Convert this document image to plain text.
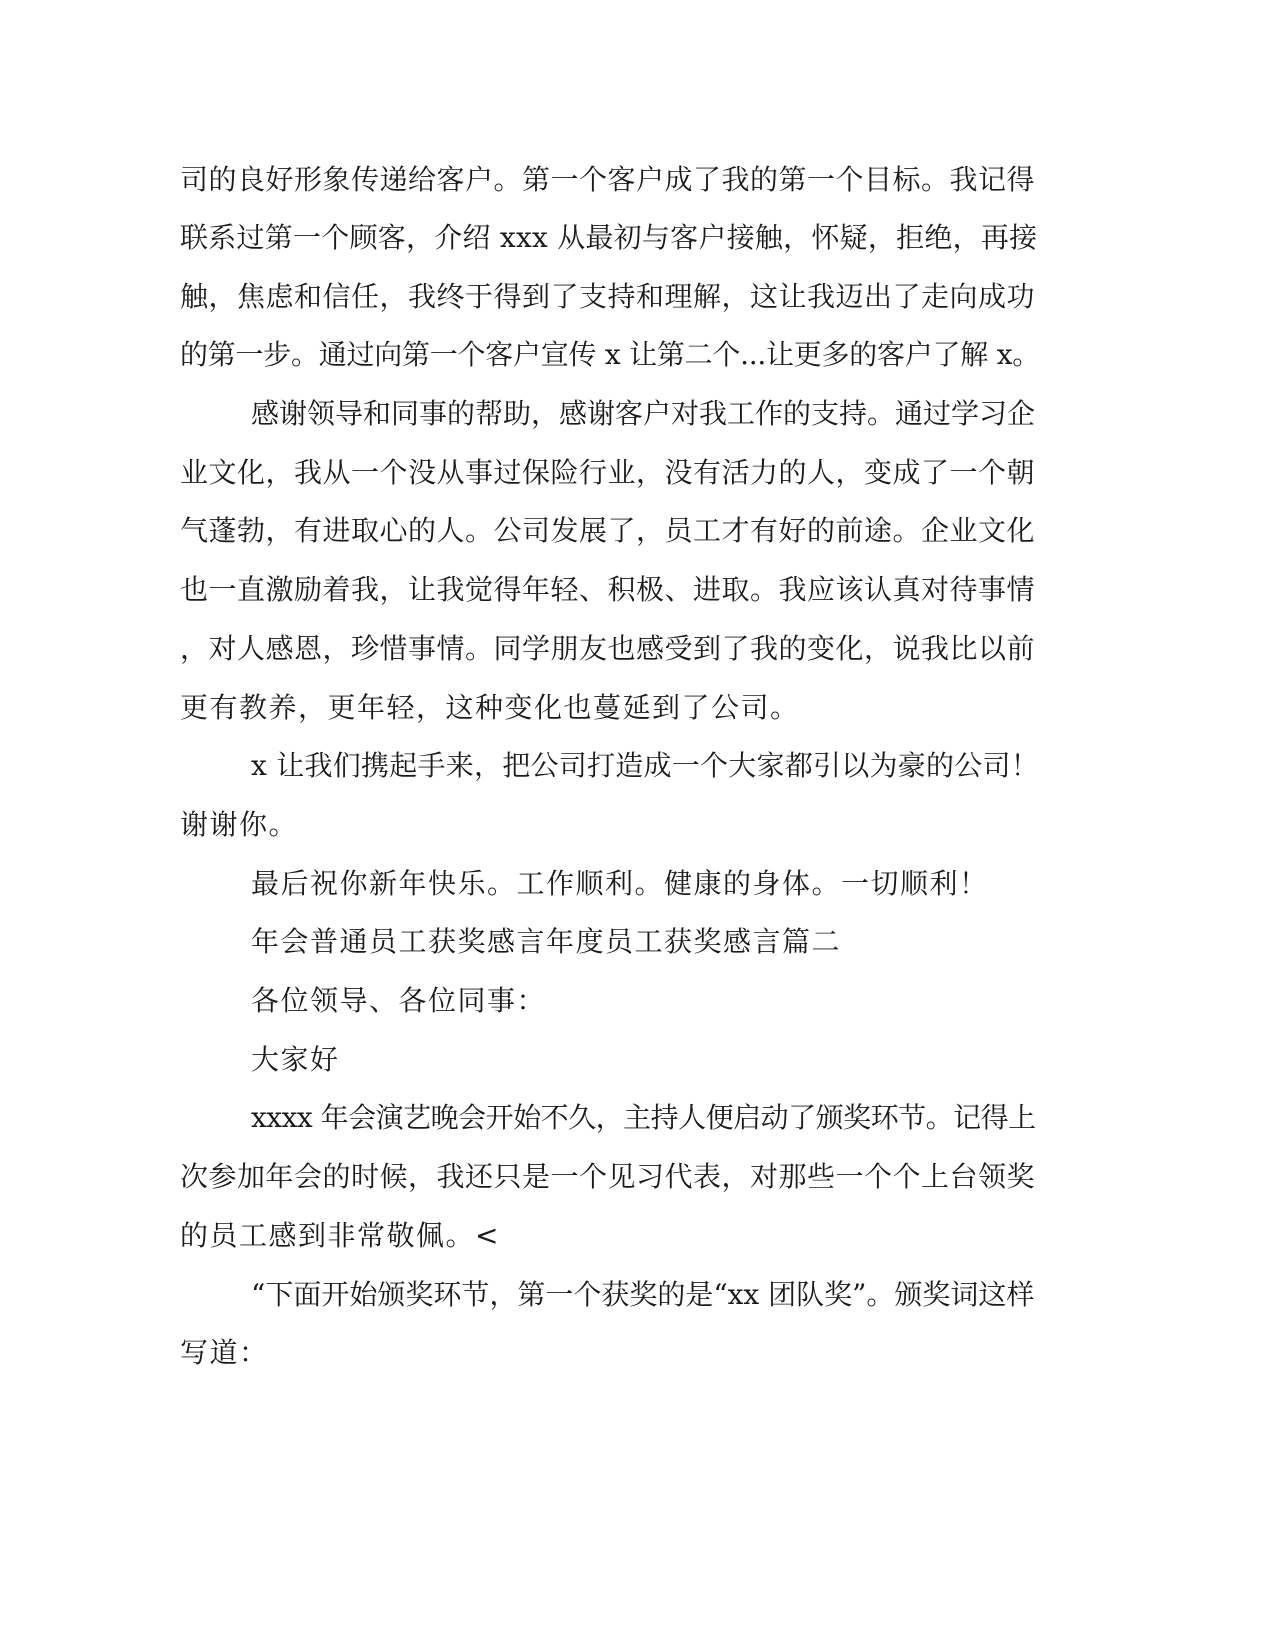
司的良好形象传递给客户。第一个客户成了我的第一个目标。我记得
联系过第一个顾客，介绍 xxx 从最初与客户接触，怀疑，拒绝，再接
触，焦虑和信任，我终于得到了支持和理解，这让我迈出了走向成功
的第一步。通过向第一个客户宣传 x 让第二个...让更多的客户了解 x。
感谢领导和同事的帮助，感谢客户对我工作的支持。通过学习企
业文化，我从一个没从事过保险行业，没有活力的人，变成了一个朝
气蓬勃，有进取心的人。公司发展了，员工才有好的前途。企业文化
也一直激励着我，让我觉得年轻、积极、进取。我应该认真对待事情
，对人感恩，珍惜事情。同学朋友也感受到了我的变化，说我比以前
更有教养，更年轻，这种变化也蔓延到了公司。
x 让我们携起手来，把公司打造成一个大家都引以为豪的公司！
谢谢你。
最后祝你新年快乐。工作顺利。健康的身体。一切顺利！
年会普通员工获奖感言年度员工获奖感言篇二
各位领导、各位同事：
大家好
xxxx 年会演艺晚会开始不久，主持人便启动了颁奖环节。记得上
次参加年会的时候，我还只是一个见习代表，对那些一个个上台领奖
的员工感到非常敬佩。<
“下面开始颁奖环节，第一个获奖的是“xx 团队奖”。颁奖词这样
写道：
